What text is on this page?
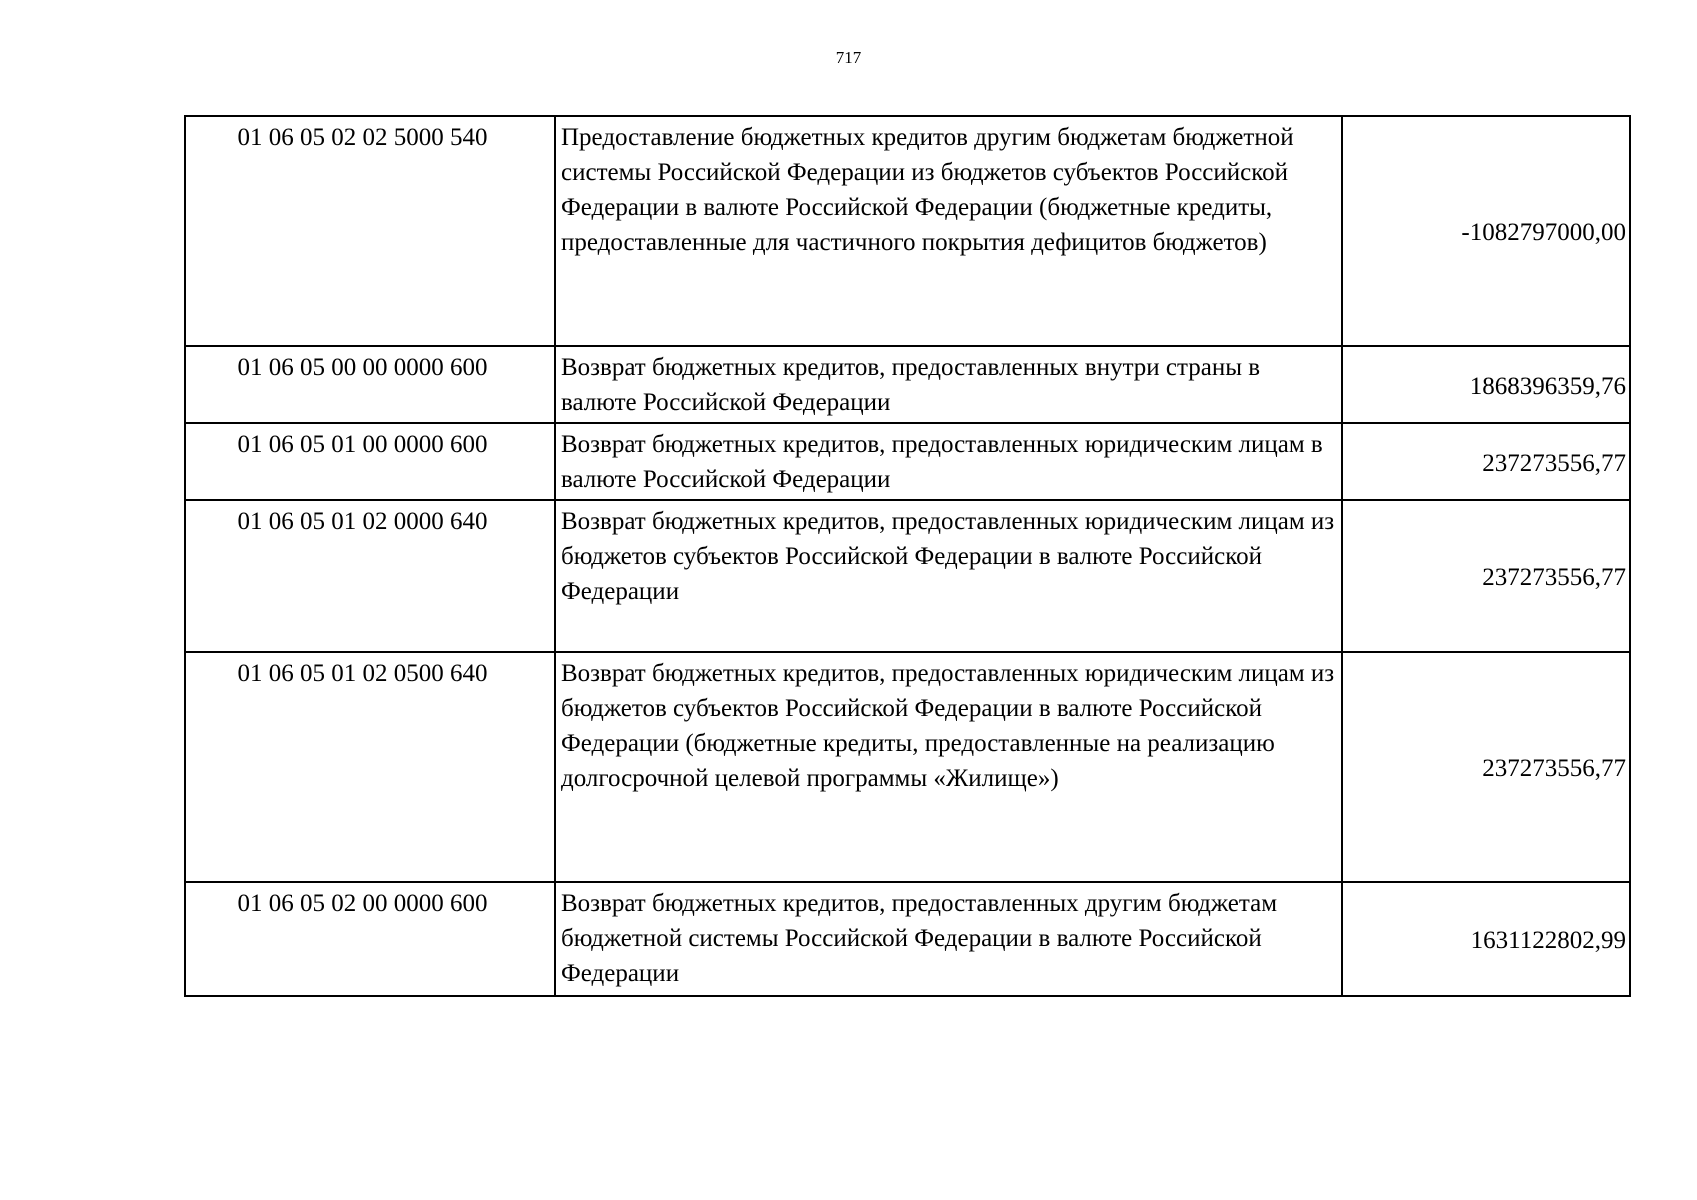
717
01 06 05 02 02 5000 540	Предоставление бюджетных кредитов другим бюджетам бюджетной системы Российской Федерации из бюджетов субъектов Российской Федерации в валюте Российской Федерации (бюджетные кредиты, предоставленные для частичного покрытия дефицитов бюджетов)	-1082797000,00
01 06 05 00 00 0000 600	Возврат бюджетных кредитов, предоставленных внутри страны в валюте Российской Федерации	1868396359,76
01 06 05 01 00 0000 600	Возврат бюджетных кредитов, предоставленных юридическим лицам в валюте Российской Федерации	237273556,77
01 06 05 01 02 0000 640	Возврат бюджетных кредитов, предоставленных юридическим лицам из бюджетов субъектов Российской Федерации в валюте Российской Федерации	237273556,77
01 06 05 01 02 0500 640	Возврат бюджетных кредитов, предоставленных юридическим лицам из бюджетов субъектов Российской Федерации в валюте Российской Федерации (бюджетные кредиты, предоставленные на реализацию долгосрочной целевой программы «Жилище»)	237273556,77
01 06 05 02 00 0000 600	Возврат бюджетных кредитов, предоставленных другим бюджетам бюджетной системы Российской Федерации в валюте Российской Федерации	1631122802,99
